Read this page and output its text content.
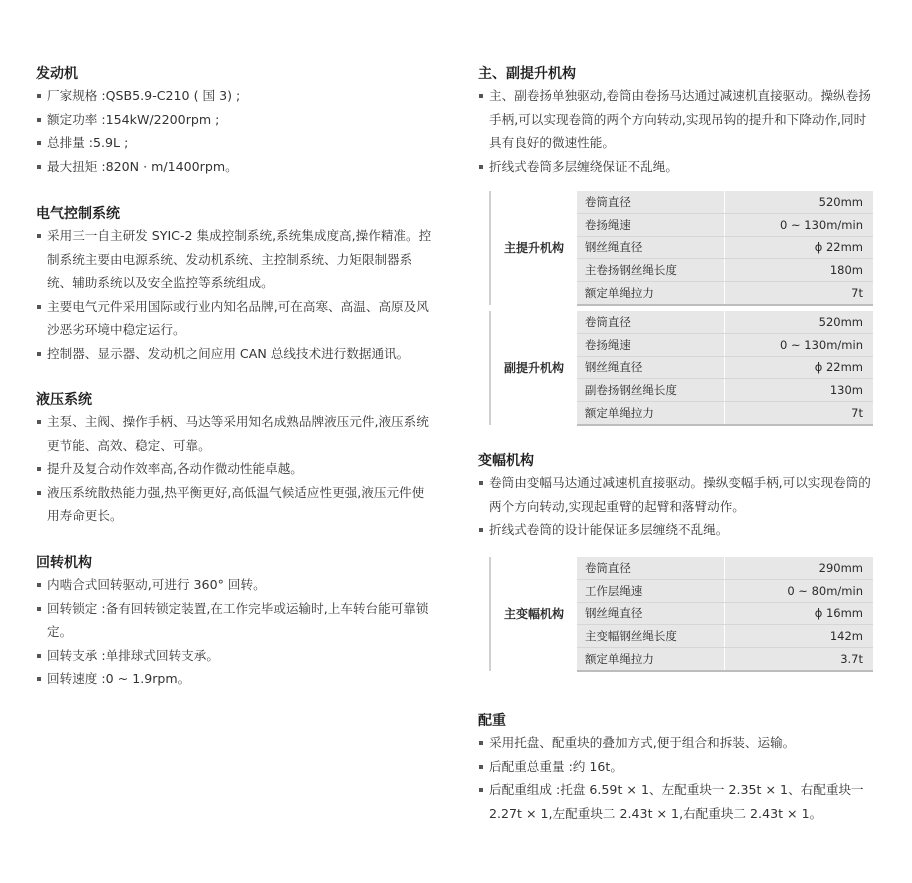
发动机
厂家规格 :QSB5.9-C210 ( 国 3) ;
额定功率 :154kW/2200rpm ;
总排量 :5.9L ;
最大扭矩 :820N · m/1400rpm。
电气控制系统
采用三一自主研发 SYIC-2 集成控制系统,系统集成度高,操作精准。控制系统主要由电源系统、发动机系统、主控制系统、力矩限制器系统、辅助系统以及安全监控等系统组成。
主要电气元件采用国际或行业内知名品牌,可在高寒、高温、高原及风沙恶劣环境中稳定运行。
控制器、显示器、发动机之间应用 CAN 总线技术进行数据通讯。
液压系统
主泵、主阀、操作手柄、马达等采用知名成熟品牌液压元件,液压系统更节能、高效、稳定、可靠。
提升及复合动作效率高,各动作微动性能卓越。
液压系统散热能力强,热平衡更好,高低温气候适应性更强,液压元件使用寿命更长。
回转机构
内啮合式回转驱动,可进行 360° 回转。
回转锁定 :备有回转锁定装置,在工作完毕或运输时,上车转台能可靠锁定。
回转支承 :单排球式回转支承。
回转速度 :0 ~ 1.9rpm。
主、副提升机构
主、副卷扬单独驱动,卷筒由卷扬马达通过减速机直接驱动。操纵卷扬手柄,可以实现卷筒的两个方向转动,实现吊钩的提升和下降动作,同时具有良好的微速性能。
折线式卷筒多层缠绕保证不乱绳。
主提升机构	卷筒直径	520mm
	卷扬绳速	0 ~ 130m/min
	钢丝绳直径	ϕ 22mm
	主卷扬钢丝绳长度	180m
	额定单绳拉力	7t
副提升机构	卷筒直径	520mm
	卷扬绳速	0 ~ 130m/min
	钢丝绳直径	ϕ 22mm
	副卷扬钢丝绳长度	130m
	额定单绳拉力	7t
变幅机构
卷筒由变幅马达通过减速机直接驱动。操纵变幅手柄,可以实现卷筒的两个方向转动,实现起重臂的起臂和落臂动作。
折线式卷筒的设计能保证多层缠绕不乱绳。
主变幅机构	卷筒直径	290mm
	工作层绳速	0 ~ 80m/min
	钢丝绳直径	ϕ 16mm
	主变幅钢丝绳长度	142m
	额定单绳拉力	3.7t
配重
采用托盘、配重块的叠加方式,便于组合和拆装、运输。
后配重总重量 :约 16t。
后配重组成 :托盘 6.59t × 1、左配重块一 2.35t × 1、右配重块一 2.27t × 1,左配重块二 2.43t × 1,右配重块二 2.43t × 1。
